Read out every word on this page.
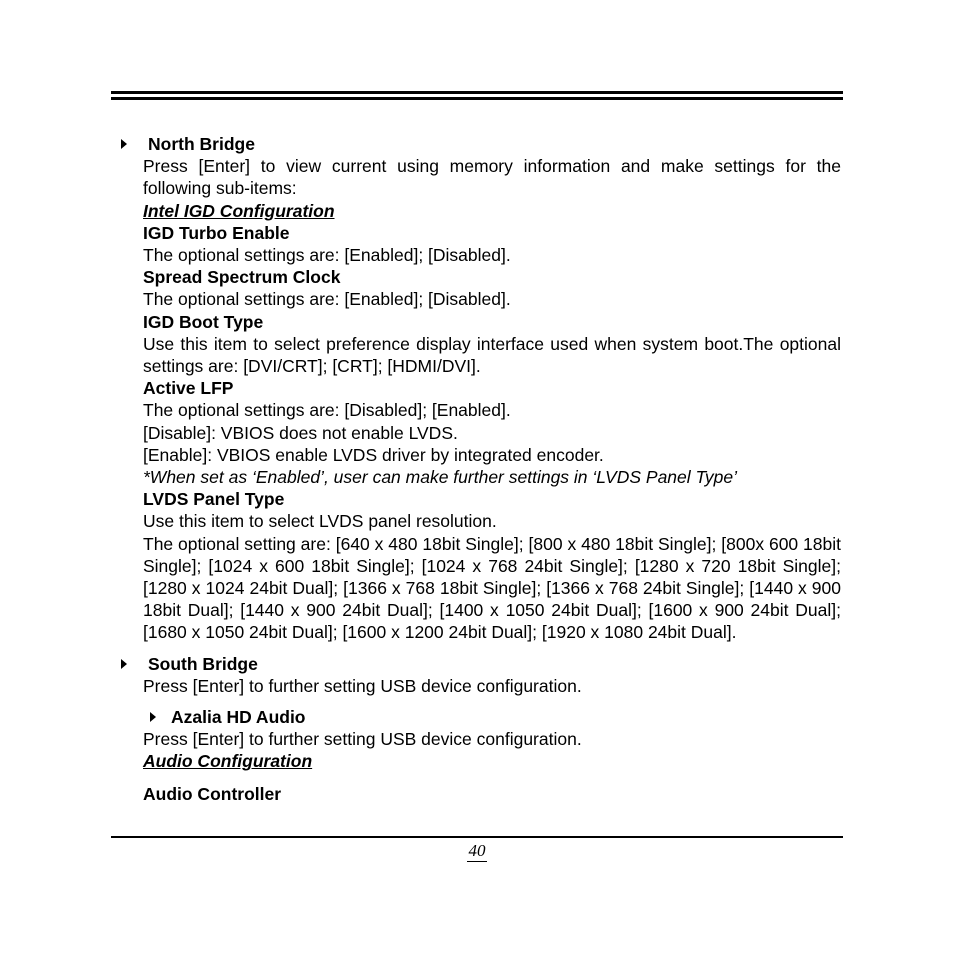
North Bridge

Press [Enter] to view current using memory information and make settings for the following sub-items:

Intel IGD Configuration

IGD Turbo Enable

The optional settings are: [Enabled]; [Disabled].

Spread Spectrum Clock

The optional settings are: [Enabled]; [Disabled].

IGD Boot Type

Use this item to select preference display interface used when system boot.The optional settings are: [DVI/CRT]; [CRT]; [HDMI/DVI].

Active LFP

The optional settings are: [Disabled]; [Enabled].

[Disable]: VBIOS does not enable LVDS.

[Enable]: VBIOS enable LVDS driver by integrated encoder.

*When set as ‘Enabled’, user can make further settings in ‘LVDS Panel Type’

LVDS Panel Type

Use this item to select LVDS panel resolution.

The optional setting are: [640 x 480 18bit Single]; [800 x 480 18bit Single]; [800x 600 18bit Single]; [1024 x 600 18bit Single]; [1024 x 768 24bit Single]; [1280 x 720 18bit Single]; [1280 x 1024 24bit Dual]; [1366 x 768 18bit Single]; [1366 x 768 24bit Single]; [1440 x 900 18bit Dual]; [1440 x 900 24bit Dual]; [1400 x 1050 24bit Dual]; [1600 x 900 24bit Dual]; [1680 x 1050 24bit Dual]; [1600 x 1200 24bit Dual]; [1920 x 1080 24bit Dual].

South Bridge

Press [Enter] to further setting USB device configuration.

Azalia HD Audio

Press [Enter] to further setting USB device configuration.

Audio Configuration

Audio Controller

40
